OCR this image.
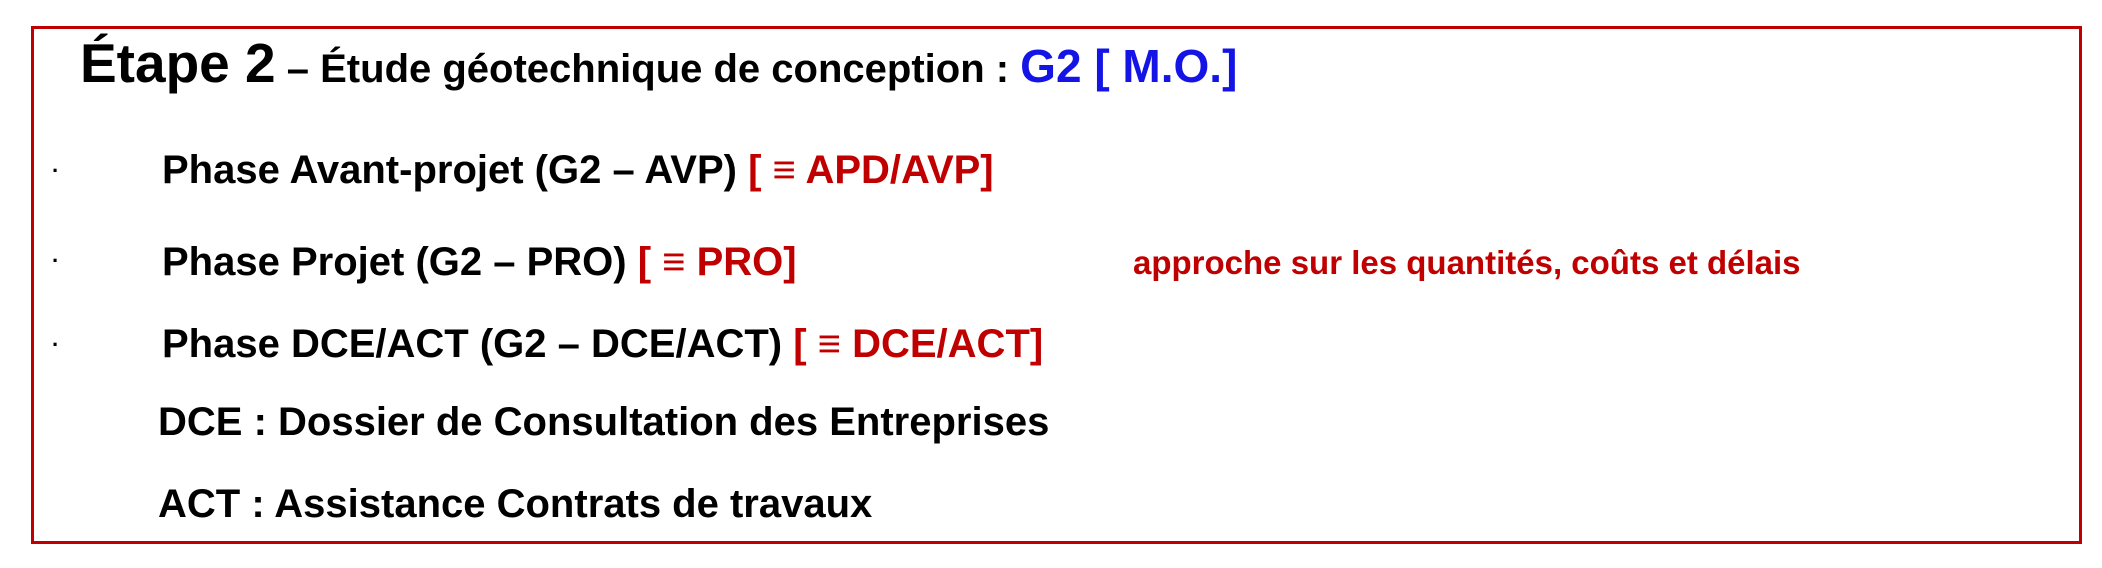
Étape 2 – Étude géotechnique de conception : G2 [ M.O.]
·	Phase Avant-projet (G2 – AVP) [ ≡ APD/AVP]
·	Phase Projet (G2 – PRO) [ ≡ PRO]	approche sur les quantités, coûts et délais
·	Phase DCE/ACT (G2 – DCE/ACT) [ ≡ DCE/ACT]
DCE : Dossier de Consultation des Entreprises
ACT : Assistance Contrats de travaux
